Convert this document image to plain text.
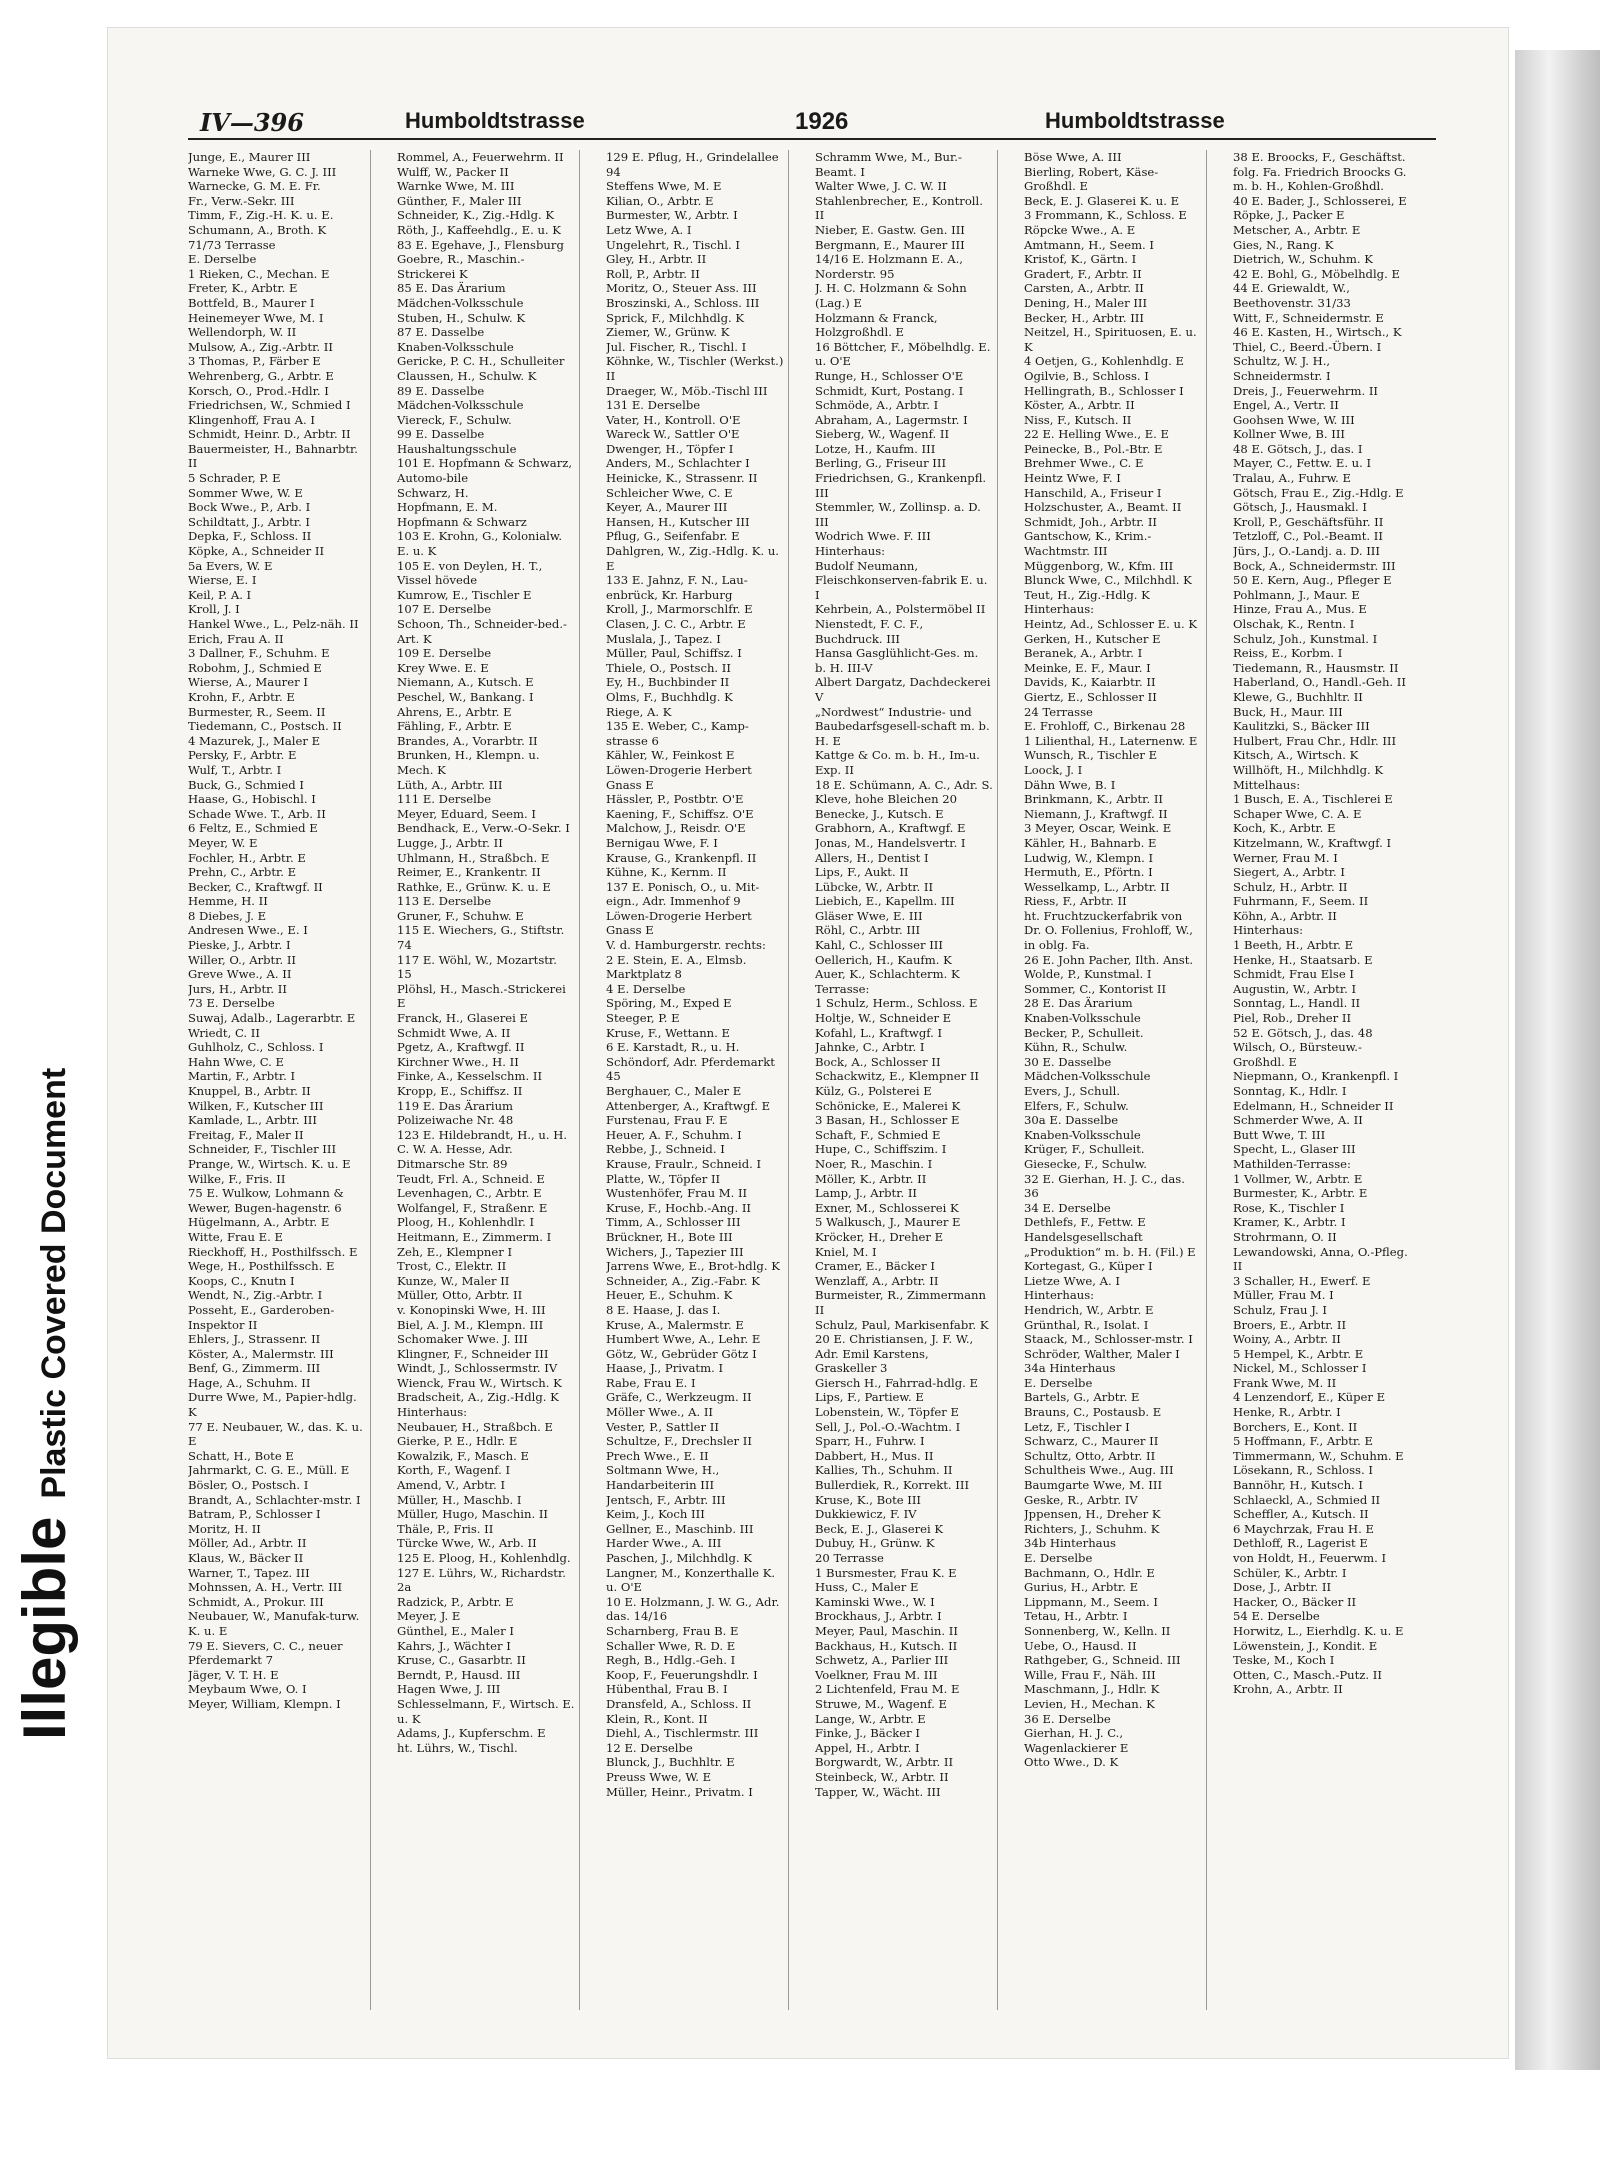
IllegiblePlastic Covered Document
IV—396	Humboldtstrasse	1926	Humboldtstrasse
Junge, E., Maurer III
Warneke Wwe, G. C. J. III
Warnecke, G. M. E. Fr.
Fr., Verw.-Sekr. III
Timm, F., Zig.-H. K. u. E.
Schumann, A., Broth. K
71/73 Terrasse
E. Derselbe
1 Rieken, C., Mechan. E
Freter, K., Arbtr. E
Bottfeld, B., Maurer I
Heinemeyer Wwe, M. I
Wellendorph, W. II
Mulsow, A., Zig.-Arbtr. II
3 Thomas, P., Färber E
Wehrenberg, G., Arbtr. E
Korsch, O., Prod.-Hdlr. I
Friedrichsen, W., Schmied I
Klingenhoff, Frau A. I
Schmidt, Heinr. D., Arbtr. II
Bauermeister, H., Bahnarbtr. II
5 Schrader, P. E
Sommer Wwe, W. E
Bock Wwe., P., Arb. I
Schildtatt, J., Arbtr. I
Depka, F., Schloss. II
Köpke, A., Schneider II
5a Evers, W. E
Wierse, E. I
Keil, P. A. I
Kroll, J. I
Hankel Wwe., L., Pelz-näh. II
Erich, Frau A. II
3 Dallner, F., Schuhm. E
Robohm, J., Schmied E
Wierse, A., Maurer I
Krohn, F., Arbtr. E
Burmester, R., Seem. II
Tiedemann, C., Postsch. II
4 Mazurek, J., Maler E
Persky, F., Arbtr. E
Wulf, T., Arbtr. I
Buck, G., Schmied I
Haase, G., Hobischl. I
Schade Wwe. T., Arb. II
6 Feltz, E., Schmied E
Meyer, W. E
Fochler, H., Arbtr. E
Prehn, C., Arbtr. E
Becker, C., Kraftwgf. II
Hemme, H. II
8 Diebes, J. E
Andresen Wwe., E. I
Pieske, J., Arbtr. I
Willer, O., Arbtr. II
Greve Wwe., A. II
Jurs, H., Arbtr. II
73 E. Derselbe
Suwaj, Adalb., Lagerarbtr. E
Wriedt, C. II
Guhlholz, C., Schloss. I
Hahn Wwe, C. E
Martin, F., Arbtr. I
Knuppel, B., Arbtr. II
Wilken, F., Kutscher III
Kamlade, L., Arbtr. III
Freitag, F., Maler II
Schneider, F., Tischler III
Prange, W., Wirtsch. K. u. E
Wilke, F., Fris. II
75 E. Wulkow, Lohmann & Wewer, Bugen-hagenstr. 6
Hügelmann, A., Arbtr. E
Witte, Frau E. E
Rieckhoff, H., Posthilfssch. E
Wege, H., Posthilfssch. E
Koops, C., Knutn I
Wendt, N., Zig.-Arbtr. I
Posseht, E., Garderoben-Inspektor II
Ehlers, J., Strassenr. II
Köster, A., Malermstr. III
Benf, G., Zimmerm. III
Hage, A., Schuhm. II
Durre Wwe, M., Papier-hdlg. K
77 E. Neubauer, W., das. K. u. E
Schatt, H., Bote E
Jahrmarkt, C. G. E., Müll. E
Bösler, O., Postsch. I
Brandt, A., Schlachter-mstr. I
Batram, P., Schlosser I
Moritz, H. II
Möller, Ad., Arbtr. II
Klaus, W., Bäcker II
Warner, T., Tapez. III
Mohnssen, A. H., Vertr. III
Schmidt, A., Prokur. III
Neubauer, W., Manufak-turw. K. u. E
79 E. Sievers, C. C., neuer Pferdemarkt 7
Jäger, V. T. H. E
Meybaum Wwe, O. I
Meyer, William, Klempn. I
Rommel, A., Feuerwehrm. II
Wulff, W., Packer II
Warnke Wwe, M. III
Günther, F., Maler III
Schneider, K., Zig.-Hdlg. K
Röth, J., Kaffeehdlg., E. u. K
83 E. Egehave, J., Flensburg
Goebre, R., Maschin.-Strickerei K
85 E. Das Ärarium
Mädchen-Volksschule
Stuben, H., Schulw. K
87 E. Dasselbe
Knaben-Volksschule
Gericke, P. C. H., Schulleiter
Claussen, H., Schulw. K
89 E. Dasselbe
Mädchen-Volksschule
Viereck, F., Schulw.
99 E. Dasselbe
Haushaltungsschule
101 E. Hopfmann & Schwarz, Automo-bile
Schwarz, H.
Hopfmann, E. M.
Hopfmann & Schwarz
103 E. Krohn, G., Kolonialw. E. u. K
105 E. von Deylen, H. T., Vissel hövede
Kumrow, E., Tischler E
107 E. Derselbe
Schoon, Th., Schneider-bed.-Art. K
109 E. Derselbe
Krey Wwe. E. E
Niemann, A., Kutsch. E
Peschel, W., Bankang. I
Ahrens, E., Arbtr. E
Fähling, F., Arbtr. E
Brandes, A., Vorarbtr. II
Brunken, H., Klempn. u. Mech. K
Lüth, A., Arbtr. III
111 E. Derselbe
Meyer, Eduard, Seem. I
Bendhack, E., Verw.-O-Sekr. I
Lugge, J., Arbtr. II
Uhlmann, H., Straßbch. E
Reimer, E., Krankentr. II
Rathke, E., Grünw. K. u. E
113 E. Derselbe
Gruner, F., Schuhw. E
115 E. Wiechers, G., Stiftstr. 74
117 E. Wöhl, W., Mozartstr. 15
Plöhsl, H., Masch.-Strickerei E
Franck, H., Glaserei E
Schmidt Wwe, A. II
Pgetz, A., Kraftwgf. II
Kirchner Wwe., H. II
Finke, A., Kesselschm. II
Kropp, E., Schiffsz. II
119 E. Das Ärarium
Polizeiwache Nr. 48
123 E. Hildebrandt, H., u. H. C. W. A. Hesse, Adr. Ditmarsche Str. 89
Teudt, Frl. A., Schneid. E
Levenhagen, C., Arbtr. E
Wolfangel, F., Straßenr. E
Ploog, H., Kohlenhdlr. I
Heitmann, E., Zimmerm. I
Zeh, E., Klempner I
Trost, C., Elektr. II
Kunze, W., Maler II
Müller, Otto, Arbtr. II
v. Konopinski Wwe, H. III
Biel, A. J. M., Klempn. III
Schomaker Wwe. J. III
Klingner, F., Schneider III
Windt, J., Schlossermstr. IV
Wienck, Frau W., Wirtsch. K
Bradscheit, A., Zig.-Hdlg. K
Hinterhaus:
Neubauer, H., Straßbch. E
Gierke, P. E., Hdlr. E
Kowalzik, F., Masch. E
Korth, F., Wagenf. I
Amend, V., Arbtr. I
Müller, H., Maschb. I
Müller, Hugo, Maschin. II
Thäle, P., Fris. II
Türcke Wwe, W., Arb. II
125 E. Ploog, H., Kohlenhdlg.
127 E. Lührs, W., Richardstr. 2a
Radzick, P., Arbtr. E
Meyer, J. E
Günthel, E., Maler I
Kahrs, J., Wächter I
Kruse, C., Gasarbtr. II
Berndt, P., Hausd. III
Hagen Wwe, J. III
Schlesselmann, F., Wirtsch. E. u. K
Adams, J., Kupferschm. E
ht. Lührs, W., Tischl.
129 E. Pflug, H., Grindelallee 94
Steffens Wwe, M. E
Kilian, O., Arbtr. E
Burmester, W., Arbtr. I
Letz Wwe, A. I
Ungelehrt, R., Tischl. I
Gley, H., Arbtr. II
Roll, P., Arbtr. II
Moritz, O., Steuer Ass. III
Broszinski, A., Schloss. III
Sprick, F., Milchhdlg. K
Ziemer, W., Grünw. K
Jul. Fischer, R., Tischl. I
Köhnke, W., Tischler (Werkst.) II
Draeger, W., Möb.-Tischl III
131 E. Derselbe
Vater, H., Kontroll. O'E
Wareck W., Sattler O'E
Dwenger, H., Töpfer I
Anders, M., Schlachter I
Heinicke, K., Strassenr. II
Schleicher Wwe, C. E
Keyer, A., Maurer III
Hansen, H., Kutscher III
Pflug, G., Seifenfabr. E
Dahlgren, W., Zig.-Hdlg. K. u. E
133 E. Jahnz, F. N., Lau-enbrück, Kr. Harburg
Kroll, J., Marmorschlfr. E
Clasen, J. C. C., Arbtr. E
Muslala, J., Tapez. I
Müller, Paul, Schiffsz. I
Thiele, O., Postsch. II
Ey, H., Buchbinder II
Olms, F., Buchhdlg. K
Riege, A. K
135 E. Weber, C., Kamp-strasse 6
Kähler, W., Feinkost E
Löwen-Drogerie Herbert Gnass E
Hässler, P., Postbtr. O'E
Kaening, F., Schiffsz. O'E
Malchow, J., Reisdr. O'E
Bernigau Wwe, F. I
Krause, G., Krankenpfl. II
Kühne, K., Kernm. II
137 E. Ponisch, O., u. Mit-eign., Adr. Immenhof 9
Löwen-Drogerie Herbert Gnass E
V. d. Hamburgerstr. rechts:
2 E. Stein, E. A., Elmsb. Marktplatz 8
4 E. Derselbe
Spöring, M., Exped E
Steeger, P. E
Kruse, F., Wettann. E
6 E. Karstadt, R., u. H. Schöndorf, Adr. Pferdemarkt 45
Berghauer, C., Maler E
Attenberger, A., Kraftwgf. E
Furstenau, Frau F. E
Heuer, A. F., Schuhm. I
Rebbe, J., Schneid. I
Krause, Fraulr., Schneid. I
Platte, W., Töpfer II
Wustenhöfer, Frau M. II
Kruse, F., Hochb.-Ang. II
Timm, A., Schlosser III
Brückner, H., Bote III
Wichers, J., Tapezier III
Jarrens Wwe, E., Brot-hdlg. K
Schneider, A., Zig.-Fabr. K
Heuer, E., Schuhm. K
8 E. Haase, J. das I.
Kruse, A., Malermstr. E
Humbert Wwe, A., Lehr. E
Götz, W., Gebrüder Götz I
Haase, J., Privatm. I
Rabe, Frau E. I
Gräfe, C., Werkzeugm. II
Möller Wwe., A. II
Vester, P., Sattler II
Schultze, F., Drechsler II
Prech Wwe., E. II
Soltmann Wwe, H., Handarbeiterin III
Jentsch, F., Arbtr. III
Keim, J., Koch III
Gellner, E., Maschinb. III
Harder Wwe., A. III
Paschen, J., Milchhdlg. K
Langner, M., Konzerthalle K. u. O'E
10 E. Holzmann, J. W. G., Adr. das. 14/16
Scharnberg, Frau B. E
Schaller Wwe, R. D. E
Regh, B., Hdlg.-Geh. I
Koop, F., Feuerungshdlr. I
Hübenthal, Frau B. I
Dransfeld, A., Schloss. II
Klein, R., Kont. II
Diehl, A., Tischlermstr. III
12 E. Derselbe
Blunck, J., Buchhltr. E
Preuss Wwe, W. E
Müller, Heinr., Privatm. I
Schramm Wwe, M., Bur.-Beamt. I
Walter Wwe, J. C. W. II
Stahlenbrecher, E., Kontroll. II
Nieber, E. Gastw. Gen. III
Bergmann, E., Maurer III
14/16 E. Holzmann E. A., Norderstr. 95
J. H. C. Holzmann & Sohn (Lag.) E
Holzmann & Franck, Holzgroßhdl. E
16 Böttcher, F., Möbelhdlg. E. u. O'E
Runge, H., Schlosser O'E
Schmidt, Kurt, Postang. I
Schmöde, A., Arbtr. I
Abraham, A., Lagermstr. I
Sieberg, W., Wagenf. II
Lotze, H., Kaufm. III
Berling, G., Friseur III
Friedrichsen, G., Krankenpfl. III
Stemmler, W., Zollinsp. a. D. III
Wodrich Wwe. F. III
Hinterhaus:
Budolf Neumann, Fleischkonserven-fabrik E. u. I
Kehrbein, A., Polstermöbel II
Nienstedt, F. C. F., Buchdruck. III
Hansa Gasglühlicht-Ges. m. b. H. III-V
Albert Dargatz, Dachdeckerei V
„Nordwest“ Industrie- und Baubedarfsgesell-schaft m. b. H. E
Kattge & Co. m. b. H., Im-u. Exp. II
18 E. Schümann, A. C., Adr. S. Kleve, hohe Bleichen 20
Benecke, J., Kutsch. E
Grabhorn, A., Kraftwgf. E
Jonas, M., Handelsvertr. I
Allers, H., Dentist I
Lips, F., Aukt. II
Lübcke, W., Arbtr. II
Liebich, E., Kapellm. III
Gläser Wwe, E. III
Röhl, C., Arbtr. III
Kahl, C., Schlosser III
Oellerich, H., Kaufm. K
Auer, K., Schlachterm. K
Terrasse:
1 Schulz, Herm., Schloss. E
Holtje, W., Schneider E
Kofahl, L., Kraftwgf. I
Jahnke, C., Arbtr. I
Bock, A., Schlosser II
Schackwitz, E., Klempner II
Külz, G., Polsterei E
Schönicke, E., Malerei K
3 Basan, H., Schlosser E
Schaft, F., Schmied E
Hupe, C., Schiffszim. I
Noer, R., Maschin. I
Möller, K., Arbtr. II
Lamp, J., Arbtr. II
Exner, M., Schlosserei K
5 Walkusch, J., Maurer E
Kröcker, H., Dreher E
Kniel, M. I
Cramer, E., Bäcker I
Wenzlaff, A., Arbtr. II
Burmeister, R., Zimmermann II
Schulz, Paul, Markisenfabr. K
20 E. Christiansen, J. F. W., Adr. Emil Karstens, Graskeller 3
Giersch H., Fahrrad-hdlg. E
Lips, F., Partiew. E
Lobenstein, W., Töpfer E
Sell, J., Pol.-O.-Wachtm. I
Sparr, H., Fuhrw. I
Dabbert, H., Mus. II
Kallies, Th., Schuhm. II
Bullerdiek, R., Korrekt. III
Kruse, K., Bote III
Dukkiewicz, F. IV
Beck, E. J., Glaserei K
Dubuy, H., Grünw. K
20 Terrasse
1 Bursmester, Frau K. E
Huss, C., Maler E
Kaminski Wwe., W. I
Brockhaus, J., Arbtr. I
Meyer, Paul, Maschin. II
Backhaus, H., Kutsch. II
Schwetz, A., Parlier III
Voelkner, Frau M. III
2 Lichtenfeld, Frau M. E
Struwe, M., Wagenf. E
Lange, W., Arbtr. E
Finke, J., Bäcker I
Appel, H., Arbtr. I
Borgwardt, W., Arbtr. II
Steinbeck, W., Arbtr. II
Tapper, W., Wächt. III
Böse Wwe, A. III
Bierling, Robert, Käse-Großhdl. E
Beck, E. J. Glaserei K. u. E
3 Frommann, K., Schloss. E
Röpcke Wwe., A. E
Amtmann, H., Seem. I
Kristof, K., Gärtn. I
Gradert, F., Arbtr. II
Carsten, A., Arbtr. II
Dening, H., Maler III
Becker, H., Arbtr. III
Neitzel, H., Spirituosen, E. u. K
4 Oetjen, G., Kohlenhdlg. E
Ogilvie, B., Schloss. I
Hellingrath, B., Schlosser I
Köster, A., Arbtr. II
Niss, F., Kutsch. II
22 E. Helling Wwe., E. E
Peinecke, B., Pol.-Btr. E
Brehmer Wwe., C. E
Heintz Wwe, F. I
Hanschild, A., Friseur I
Holzschuster, A., Beamt. II
Schmidt, Joh., Arbtr. II
Gantschow, K., Krim.-Wachtmstr. III
Müggenborg, W., Kfm. III
Blunck Wwe, C., Milchhdl. K
Teut, H., Zig.-Hdlg. K
Hinterhaus:
Heintz, Ad., Schlosser E. u. K
Gerken, H., Kutscher E
Beranek, A., Arbtr. I
Meinke, E. F., Maur. I
Davids, K., Kaiarbtr. II
Giertz, E., Schlosser II
24 Terrasse
E. Frohloff, C., Birkenau 28
1 Lilienthal, H., Laternenw. E
Wunsch, R., Tischler E
Loock, J. I
Dähn Wwe, B. I
Brinkmann, K., Arbtr. II
Niemann, J., Kraftwgf. II
3 Meyer, Oscar, Weink. E
Kähler, H., Bahnarb. E
Ludwig, W., Klempn. I
Hermuth, E., Pförtn. I
Wesselkamp, L., Arbtr. II
Riess, F., Arbtr. II
ht. Fruchtzuckerfabrik von Dr. O. Follenius, Frohloff, W., in oblg. Fa.
26 E. John Pacher, Ilth. Anst.
Wolde, P., Kunstmal. I
Sommer, C., Kontorist II
28 E. Das Ärarium
Knaben-Volksschule
Becker, P., Schulleit.
Kühn, R., Schulw.
30 E. Dasselbe
Mädchen-Volksschule
Evers, J., Schull.
Elfers, F., Schulw.
30a E. Dasselbe
Knaben-Volksschule
Krüger, F., Schulleit.
Giesecke, F., Schulw.
32 E. Gierhan, H. J. C., das. 36
34 E. Derselbe
Dethlefs, F., Fettw. E
Handelsgesellschaft „Produktion“ m. b. H. (Fil.) E
Kortegast, G., Küper I
Lietze Wwe, A. I
Hinterhaus:
Hendrich, W., Arbtr. E
Grünthal, R., Isolat. I
Staack, M., Schlosser-mstr. I
Schröder, Walther, Maler I
34a Hinterhaus
E. Derselbe
Bartels, G., Arbtr. E
Brauns, C., Postausb. E
Letz, F., Tischler I
Schwarz, C., Maurer II
Schultz, Otto, Arbtr. II
Schultheis Wwe., Aug. III
Baumgarte Wwe, M. III
Geske, R., Arbtr. IV
Jppensen, H., Dreher K
Richters, J., Schuhm. K
34b Hinterhaus
E. Derselbe
Bachmann, O., Hdlr. E
Gurius, H., Arbtr. E
Lippmann, M., Seem. I
Tetau, H., Arbtr. I
Sonnenberg, W., Kelln. II
Uebe, O., Hausd. II
Rathgeber, G., Schneid. III
Wille, Frau F., Näh. III
Maschmann, J., Hdlr. K
Levien, H., Mechan. K
36 E. Derselbe
Gierhan, H. J. C., Wagenlackierer E
Otto Wwe., D. K
38 E. Broocks, F., Geschäftst. folg. Fa. Friedrich Broocks G. m. b. H., Kohlen-Großhdl.
40 E. Bader, J., Schlosserei, E
Röpke, J., Packer E
Metscher, A., Arbtr. E
Gies, N., Rang. K
Dietrich, W., Schuhm. K
42 E. Bohl, G., Möbelhdlg. E
44 E. Griewaldt, W., Beethovenstr. 31/33
Witt, F., Schneidermstr. E
46 E. Kasten, H., Wirtsch., K
Thiel, C., Beerd.-Übern. I
Schultz, W. J. H., Schneidermstr. I
Dreis, J., Feuerwehrm. II
Engel, A., Vertr. II
Goohsen Wwe, W. III
Kollner Wwe, B. III
48 E. Götsch, J., das. I
Mayer, C., Fettw. E. u. I
Tralau, A., Fuhrw. E
Götsch, Frau E., Zig.-Hdlg. E
Götsch, J., Hausmakl. I
Kroll, P., Geschäftsführ. II
Tetzloff, C., Pol.-Beamt. II
Jürs, J., O.-Landj. a. D. III
Bock, A., Schneidermstr. III
50 E. Kern, Aug., Pfleger E
Pohlmann, J., Maur. E
Hinze, Frau A., Mus. E
Olschak, K., Rentn. I
Schulz, Joh., Kunstmal. I
Reiss, E., Korbm. I
Tiedemann, R., Hausmstr. II
Haberland, O., Handl.-Geh. II
Klewe, G., Buchhltr. II
Buck, H., Maur. III
Kaulitzki, S., Bäcker III
Hulbert, Frau Chr., Hdlr. III
Kitsch, A., Wirtsch. K
Willhöft, H., Milchhdlg. K
Mittelhaus:
1 Busch, E. A., Tischlerei E
Schaper Wwe, C. A. E
Koch, K., Arbtr. E
Kitzelmann, W., Kraftwgf. I
Werner, Frau M. I
Siegert, A., Arbtr. I
Schulz, H., Arbtr. II
Fuhrmann, F., Seem. II
Köhn, A., Arbtr. II
Hinterhaus:
1 Beeth, H., Arbtr. E
Henke, H., Staatsarb. E
Schmidt, Frau Else I
Augustin, W., Arbtr. I
Sonntag, L., Handl. II
Piel, Rob., Dreher II
52 E. Götsch, J., das. 48
Wilsch, O., Bürsteuw.-Großhdl. E
Niepmann, O., Krankenpfl. I
Sonntag, K., Hdlr. I
Edelmann, H., Schneider II
Schmerder Wwe, A. II
Butt Wwe, T. III
Specht, L., Glaser III
Mathilden-Terrasse:
1 Vollmer, W., Arbtr. E
Burmester, K., Arbtr. E
Rose, K., Tischler I
Kramer, K., Arbtr. I
Strohrmann, O. II
Lewandowski, Anna, O.-Pfleg. II
3 Schaller, H., Ewerf. E
Müller, Frau M. I
Schulz, Frau J. I
Broers, E., Arbtr. II
Woiny, A., Arbtr. II
5 Hempel, K., Arbtr. E
Nickel, M., Schlosser I
Frank Wwe, M. II
4 Lenzendorf, E., Küper E
Henke, R., Arbtr. I
Borchers, E., Kont. II
5 Hoffmann, F., Arbtr. E
Timmermann, W., Schuhm. E
Lösekann, R., Schloss. I
Bannöhr, H., Kutsch. I
Schlaeckl, A., Schmied II
Scheffler, A., Kutsch. II
6 Maychrzak, Frau H. E
Dethloff, R., Lagerist E
von Holdt, H., Feuerwm. I
Schüler, K., Arbtr. I
Dose, J., Arbtr. II
Hacker, O., Bäcker II
54 E. Derselbe
Horwitz, L., Eierhdlg. K. u. E
Löwenstein, J., Kondit. E
Teske, M., Koch I
Otten, C., Masch.-Putz. II
Krohn, A., Arbtr. II
